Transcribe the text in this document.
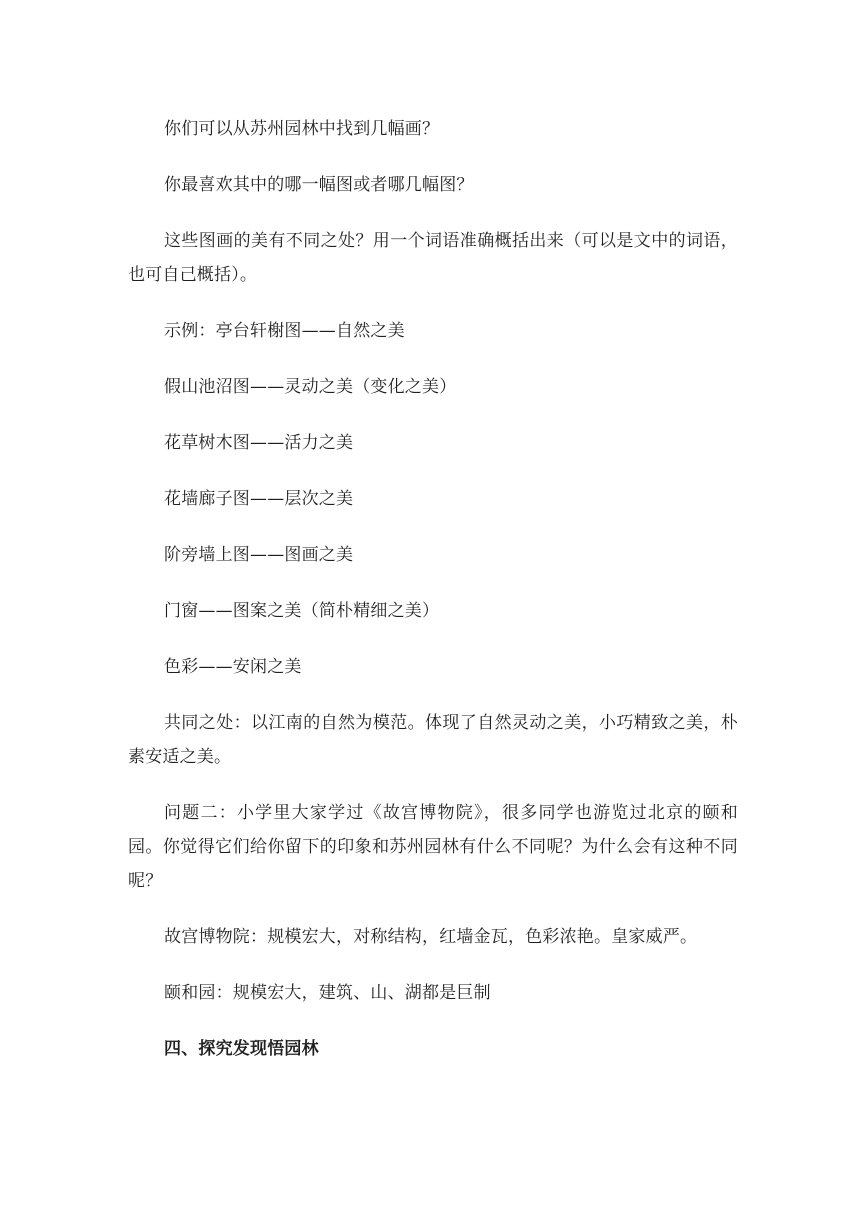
你们可以从苏州园林中找到几幅画？

你最喜欢其中的哪一幅图或者哪几幅图？

这些图画的美有不同之处？用一个词语准确概括出来（可以是文中的词语，也可自己概括）。

示例：亭台轩榭图——自然之美

假山池沼图——灵动之美（变化之美）

花草树木图——活力之美

花墙廊子图——层次之美

阶旁墙上图——图画之美

门窗——图案之美（简朴精细之美）

色彩——安闲之美

共同之处：以江南的自然为模范。体现了自然灵动之美，小巧精致之美，朴素安适之美。

问题二：小学里大家学过《故宫博物院》，很多同学也游览过北京的颐和园。你觉得它们给你留下的印象和苏州园林有什么不同呢？为什么会有这种不同呢？

故宫博物院：规模宏大，对称结构，红墙金瓦，色彩浓艳。皇家威严。

颐和园：规模宏大，建筑、山、湖都是巨制

四、探究发现悟园林
